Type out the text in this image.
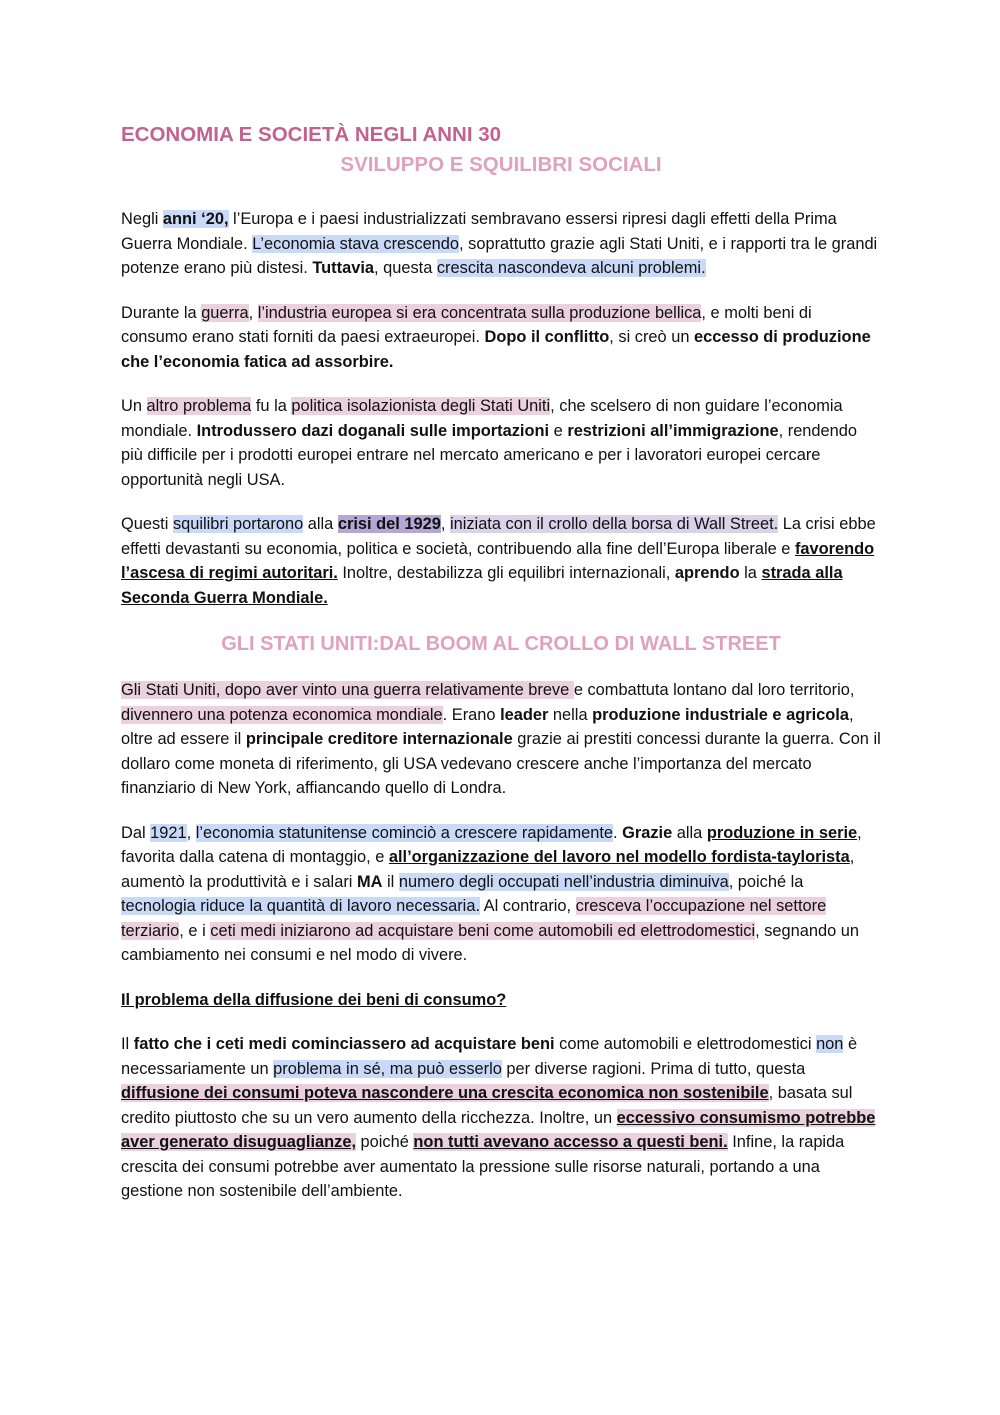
ECONOMIA E SOCIETÀ NEGLI ANNI 30
SVILUPPO E SQUILIBRI SOCIALI

Negli anni ‘20, l’Europa e i paesi industrializzati sembravano essersi ripresi dagli effetti della Prima Guerra Mondiale. L’economia stava crescendo, soprattutto grazie agli Stati Uniti, e i rapporti tra le grandi potenze erano più distesi. Tuttavia, questa crescita nascondeva alcuni problemi.

Durante la guerra, l’industria europea si era concentrata sulla produzione bellica, e molti beni di consumo erano stati forniti da paesi extraeuropei. Dopo il conflitto, si creò un eccesso di produzione che l’economia fatica ad assorbire.

Un altro problema fu la politica isolazionista degli Stati Uniti, che scelsero di non guidare l’economia mondiale. Introdussero dazi doganali sulle importazioni e restrizioni all’immigrazione, rendendo più difficile per i prodotti europei entrare nel mercato americano e per i lavoratori europei cercare opportunità negli USA.

Questi squilibri portarono alla crisi del 1929, iniziata con il crollo della borsa di Wall Street. La crisi ebbe effetti devastanti su economia, politica e società, contribuendo alla fine dell’Europa liberale e favorendo l’ascesa di regimi autoritari. Inoltre, destabilizza gli equilibri internazionali, aprendo la strada alla Seconda Guerra Mondiale.

GLI STATI UNITI:DAL BOOM AL CROLLO DI WALL STREET

Gli Stati Uniti, dopo aver vinto una guerra relativamente breve e combattuta lontano dal loro territorio, divennero una potenza economica mondiale. Erano leader nella produzione industriale e agricola, oltre ad essere il principale creditore internazionale grazie ai prestiti concessi durante la guerra. Con il dollaro come moneta di riferimento, gli USA vedevano crescere anche l’importanza del mercato finanziario di New York, affiancando quello di Londra.

Dal 1921, l’economia statunitense cominciò a crescere rapidamente. Grazie alla produzione in serie, favorita dalla catena di montaggio, e all’organizzazione del lavoro nel modello fordista-taylorista, aumentò la produttività e i salari MA il numero degli occupati nell’industria diminuiva, poiché la tecnologia riduce la quantità di lavoro necessaria. Al contrario, cresceva l’occupazione nel settore terziario, e i ceti medi iniziarono ad acquistare beni come automobili ed elettrodomestici, segnando un cambiamento nei consumi e nel modo di vivere.

Il problema della diffusione dei beni di consumo?

Il fatto che i ceti medi cominciassero ad acquistare beni come automobili e elettrodomestici non è necessariamente un problema in sé, ma può esserlo per diverse ragioni. Prima di tutto, questa diffusione dei consumi poteva nascondere una crescita economica non sostenibile, basata sul credito piuttosto che su un vero aumento della ricchezza. Inoltre, un eccessivo consumismo potrebbe aver generato disuguaglianze, poiché non tutti avevano accesso a questi beni. Infine, la rapida crescita dei consumi potrebbe aver aumentato la pressione sulle risorse naturali, portando a una gestione non sostenibile dell’ambiente.
